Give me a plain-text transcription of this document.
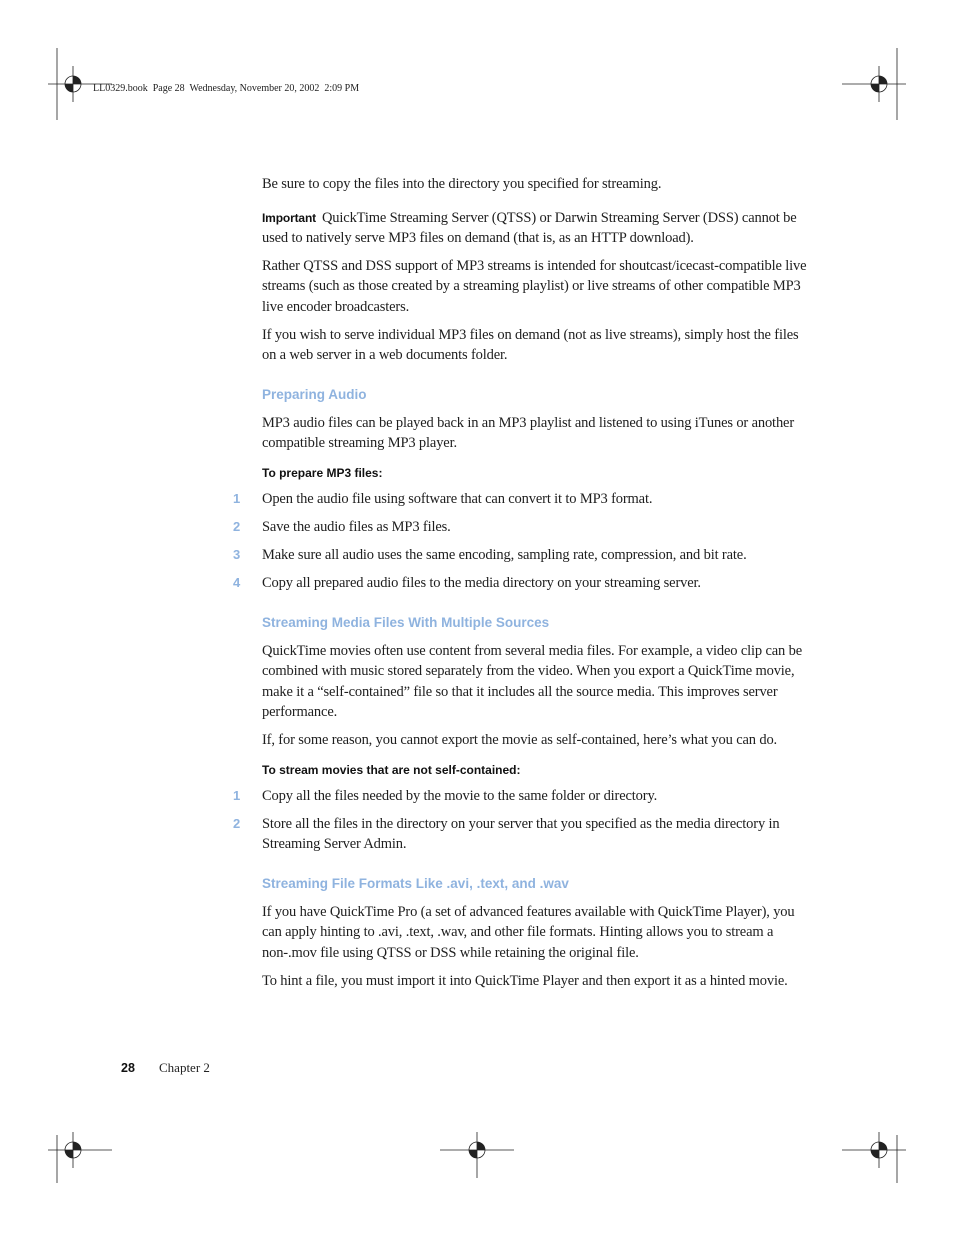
LL0329.book  Page 28  Wednesday, November 20, 2002  2:09 PM
Be sure to copy the files into the directory you specified for streaming.
Important QuickTime Streaming Server (QTSS) or Darwin Streaming Server (DSS) cannot be used to natively serve MP3 files on demand (that is, as an HTTP download).
Rather QTSS and DSS support of MP3 streams is intended for shoutcast/icecast-compatible live streams (such as those created by a streaming playlist) or live streams of other compatible MP3 live encoder broadcasters.
If you wish to serve individual MP3 files on demand (not as live streams), simply host the files on a web server in a web documents folder.
Preparing Audio
MP3 audio files can be played back in an MP3 playlist and listened to using iTunes or another compatible streaming MP3 player.
To prepare MP3 files:
1	Open the audio file using software that can convert it to MP3 format.
2	Save the audio files as MP3 files.
3	Make sure all audio uses the same encoding, sampling rate, compression, and bit rate.
4	Copy all prepared audio files to the media directory on your streaming server.
Streaming Media Files With Multiple Sources
QuickTime movies often use content from several media files. For example, a video clip can be combined with music stored separately from the video. When you export a QuickTime movie, make it a “self-contained” file so that it includes all the source media. This improves server performance.
If, for some reason, you cannot export the movie as self-contained, here’s what you can do.
To stream movies that are not self-contained:
1	Copy all the files needed by the movie to the same folder or directory.
2	Store all the files in the directory on your server that you specified as the media directory in Streaming Server Admin.
Streaming File Formats Like .avi, .text, and .wav
If you have QuickTime Pro (a set of advanced features available with QuickTime Player), you can apply hinting to .avi, .text, .wav, and other file formats. Hinting allows you to stream a non-.mov file using QTSS or DSS while retaining the original file.
To hint a file, you must import it into QuickTime Player and then export it as a hinted movie.
28 Chapter 2
